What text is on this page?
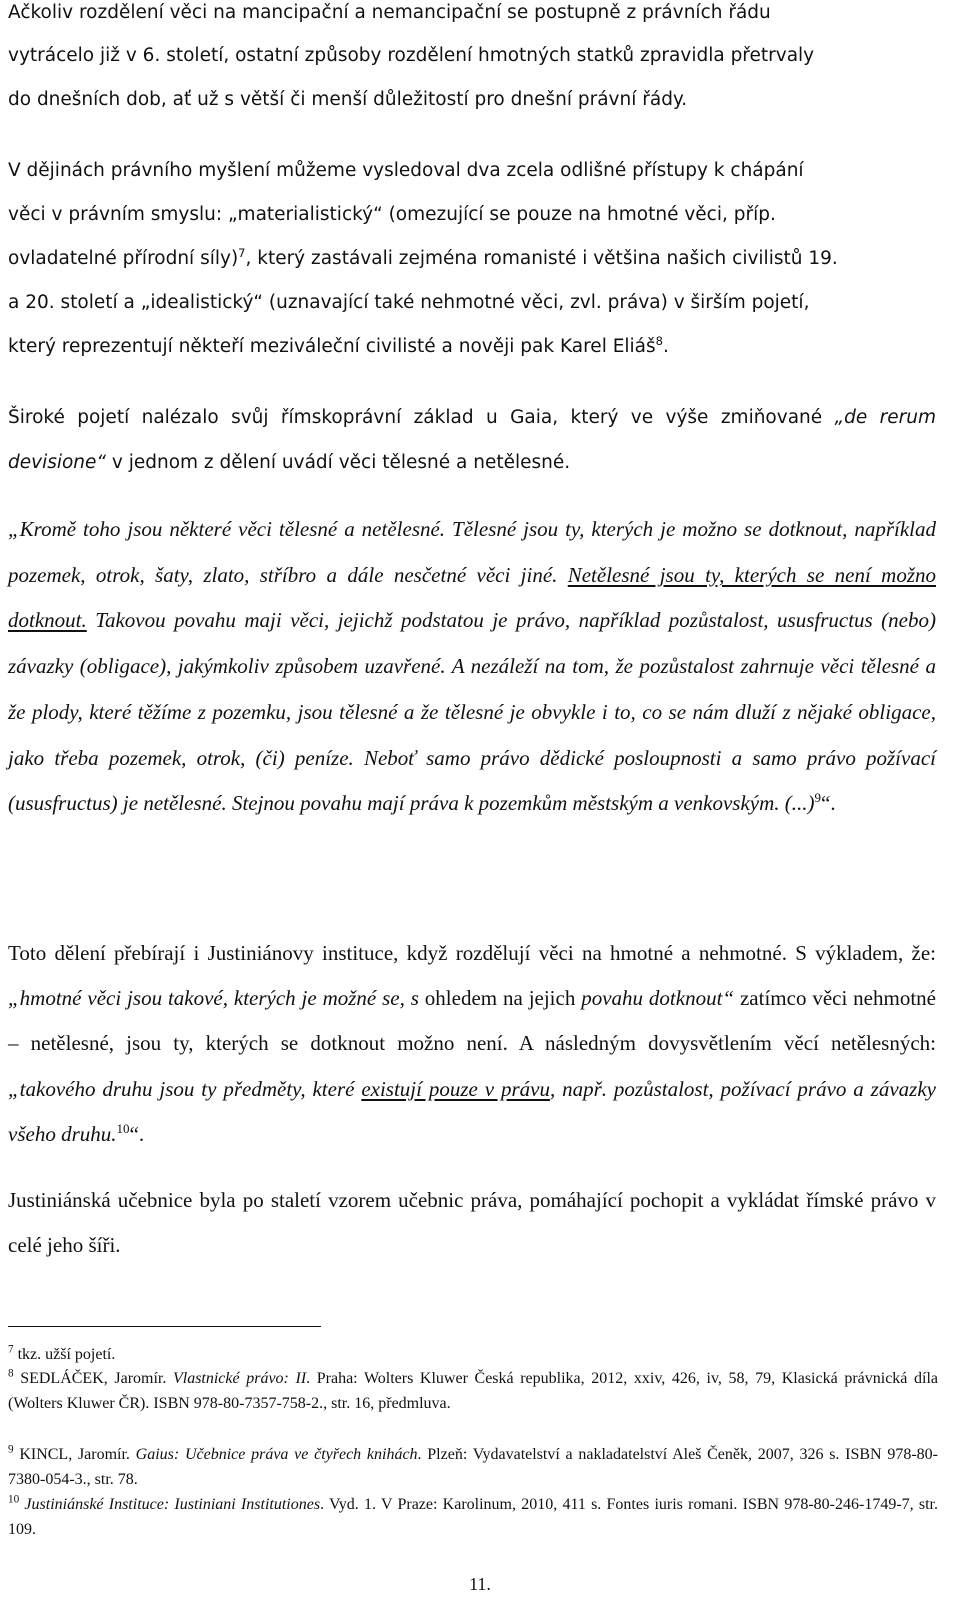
Ačkoliv rozdělení věci na mancipační a nemancipační se postupně z právních řádu
vytrácelo již v 6. století, ostatní způsoby rozdělení hmotných statků zpravidla přetrvaly
do dnešních dob, ať už s větší či menší důležitostí pro dnešní právní řády.
V dějinách právního myšlení můžeme vysledoval dva zcela odlišné přístupy k chápání
věci v právním smyslu: „materialistický“ (omezující se pouze na hmotné věci, příp.
ovladatelné přírodní síly)$^7$, který zastávali zejména romanisté i většina našich civilistů 19.
a 20. století a „idealistický“ (uznavající také nehmotné věci, zvl. práva) v širším pojetí,
který reprezentují někteří meziváleční civilisté a nověji pak Karel Eliáš$^8$.

Široké pojetí nalézalo svůj římskoprávní základ u Gaia, který ve výše zmiňované „de rerum devisione“ v jednom z dělení uvádí věci tělesné a netělesné.

„Kromě toho jsou některé věci tělesné a netělesné. Tělesné jsou ty, kterých je možno se dotknout, například pozemek, otrok, šaty, zlato, stříbro a dále nesčetné věci jiné. Netělesné jsou ty, kterých se není možno dotknout. Takovou povahu maji věci, jejichž podstatou je právo, například pozůstalost, ususfructus (nebo) závazky (obligace), jakýmkoliv způsobem uzavřené. A nezáleží na tom, že pozůstalost zahrnuje věci tělesné a že plody, které těžíme z pozemku, jsou tělesné a že tělesné je obvykle i to, co se nám dluží z nějaké obligace, jako třeba pozemek, otrok, (či) peníze. Neboť samo právo dědické posloupnosti a samo právo požívací (ususfructus) je netělesné. Stejnou povahu mají práva k pozemkům městským a venkovským. (...)$^9$“.

Toto dělení přebírají i Justiniánovy instituce, když rozdělují věci na hmotné a nehmotné. S výkladem, že: „hmotné věci jsou takové, kterých je možné se, s ohledem na jejich povahu dotknout“ zatímco věci nehmotné – netělesné, jsou ty, kterých se dotknout možno není. A následným dovysvětlením věcí netělesných: „takového druhu jsou ty předměty, které existují pouze v právu, např. pozůstalost, požívací právo a závazky všeho druhu.$^{10}$“.

Justiniánská učebnice byla po staletí vzorem učebnic práva, pomáhající pochopit a vykládat římské právo v celé jeho šíři.

$^7$ tkz. užší pojetí.

$^8$ SEDLÁČEK, Jaromír. Vlastnické právo: II. Praha: Wolters Kluwer Česká republika, 2012, xxiv, 426, iv, 58, 79, Klasická právnická díla (Wolters Kluwer ČR). ISBN 978-80-7357-758-2., str. 16, předmluva.

$^9$ KINCL, Jaromír. Gaius: Učebnice práva ve čtyřech knihách. Plzeň: Vydavatelství a nakladatelství Aleš Čeněk, 2007, 326 s. ISBN 978-80-7380-054-3., str. 78.

$^{10}$ Justiniánské Instituce: Iustiniani Institutiones. Vyd. 1. V Praze: Karolinum, 2010, 411 s. Fontes iuris romani. ISBN 978-80-246-1749-7, str. 109.

11.
